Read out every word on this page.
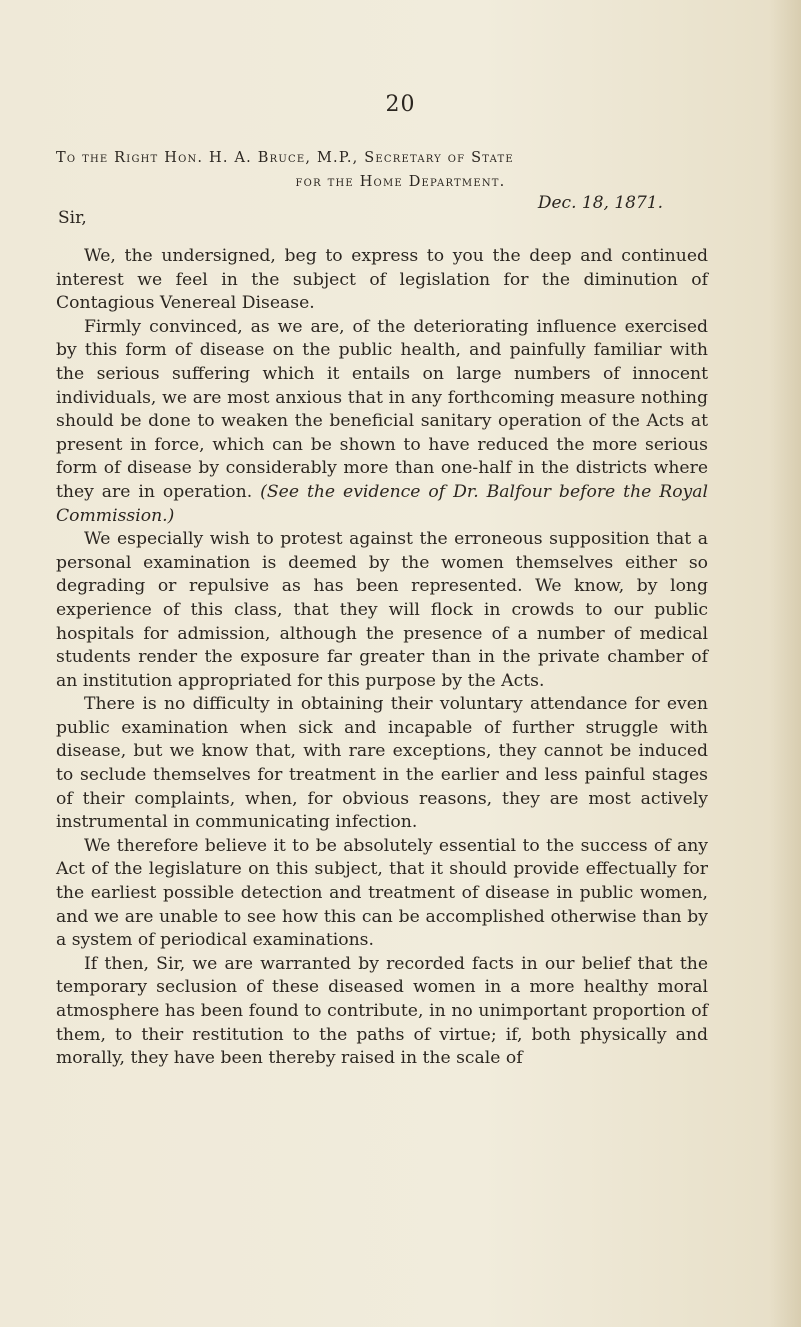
20
To the Right Hon. H. A. Bruce, M.P., Secretary of State
for the Home Department.
Dec. 18, 1871.
Sir,

We, the undersigned, beg to express to you the deep and continued interest we feel in the subject of legislation for the diminution of Contagious Venereal Disease.

Firmly convinced, as we are, of the deteriorating influence exercised by this form of disease on the public health, and painfully familiar with the serious suffering which it entails on large numbers of innocent individuals, we are most anxious that in any forthcoming measure nothing should be done to weaken the beneficial sanitary operation of the Acts at present in force, which can be shown to have reduced the more serious form of disease by considerably more than one-half in the districts where they are in operation. (See the evidence of Dr. Balfour before the Royal Commission.)

We especially wish to protest against the erroneous supposition that a personal examination is deemed by the women themselves either so degrading or repulsive as has been represented. We know, by long experience of this class, that they will flock in crowds to our public hospitals for admission, although the presence of a number of medical students render the exposure far greater than in the private chamber of an institution appropriated for this purpose by the Acts.

There is no difficulty in obtaining their voluntary attendance for even public examination when sick and incapable of further struggle with disease, but we know that, with rare exceptions, they cannot be induced to seclude themselves for treatment in the earlier and less painful stages of their complaints, when, for obvious reasons, they are most actively instrumental in communicating infection.

We therefore believe it to be absolutely essential to the success of any Act of the legislature on this subject, that it should provide effectually for the earliest possible detection and treatment of disease in public women, and we are unable to see how this can be accomplished otherwise than by a system of periodical examinations.

If then, Sir, we are warranted by recorded facts in our belief that the temporary seclusion of these diseased women in a more healthy moral atmosphere has been found to contribute, in no unimportant proportion of them, to their restitution to the paths of virtue; if, both physically and morally, they have been thereby raised in the scale of
